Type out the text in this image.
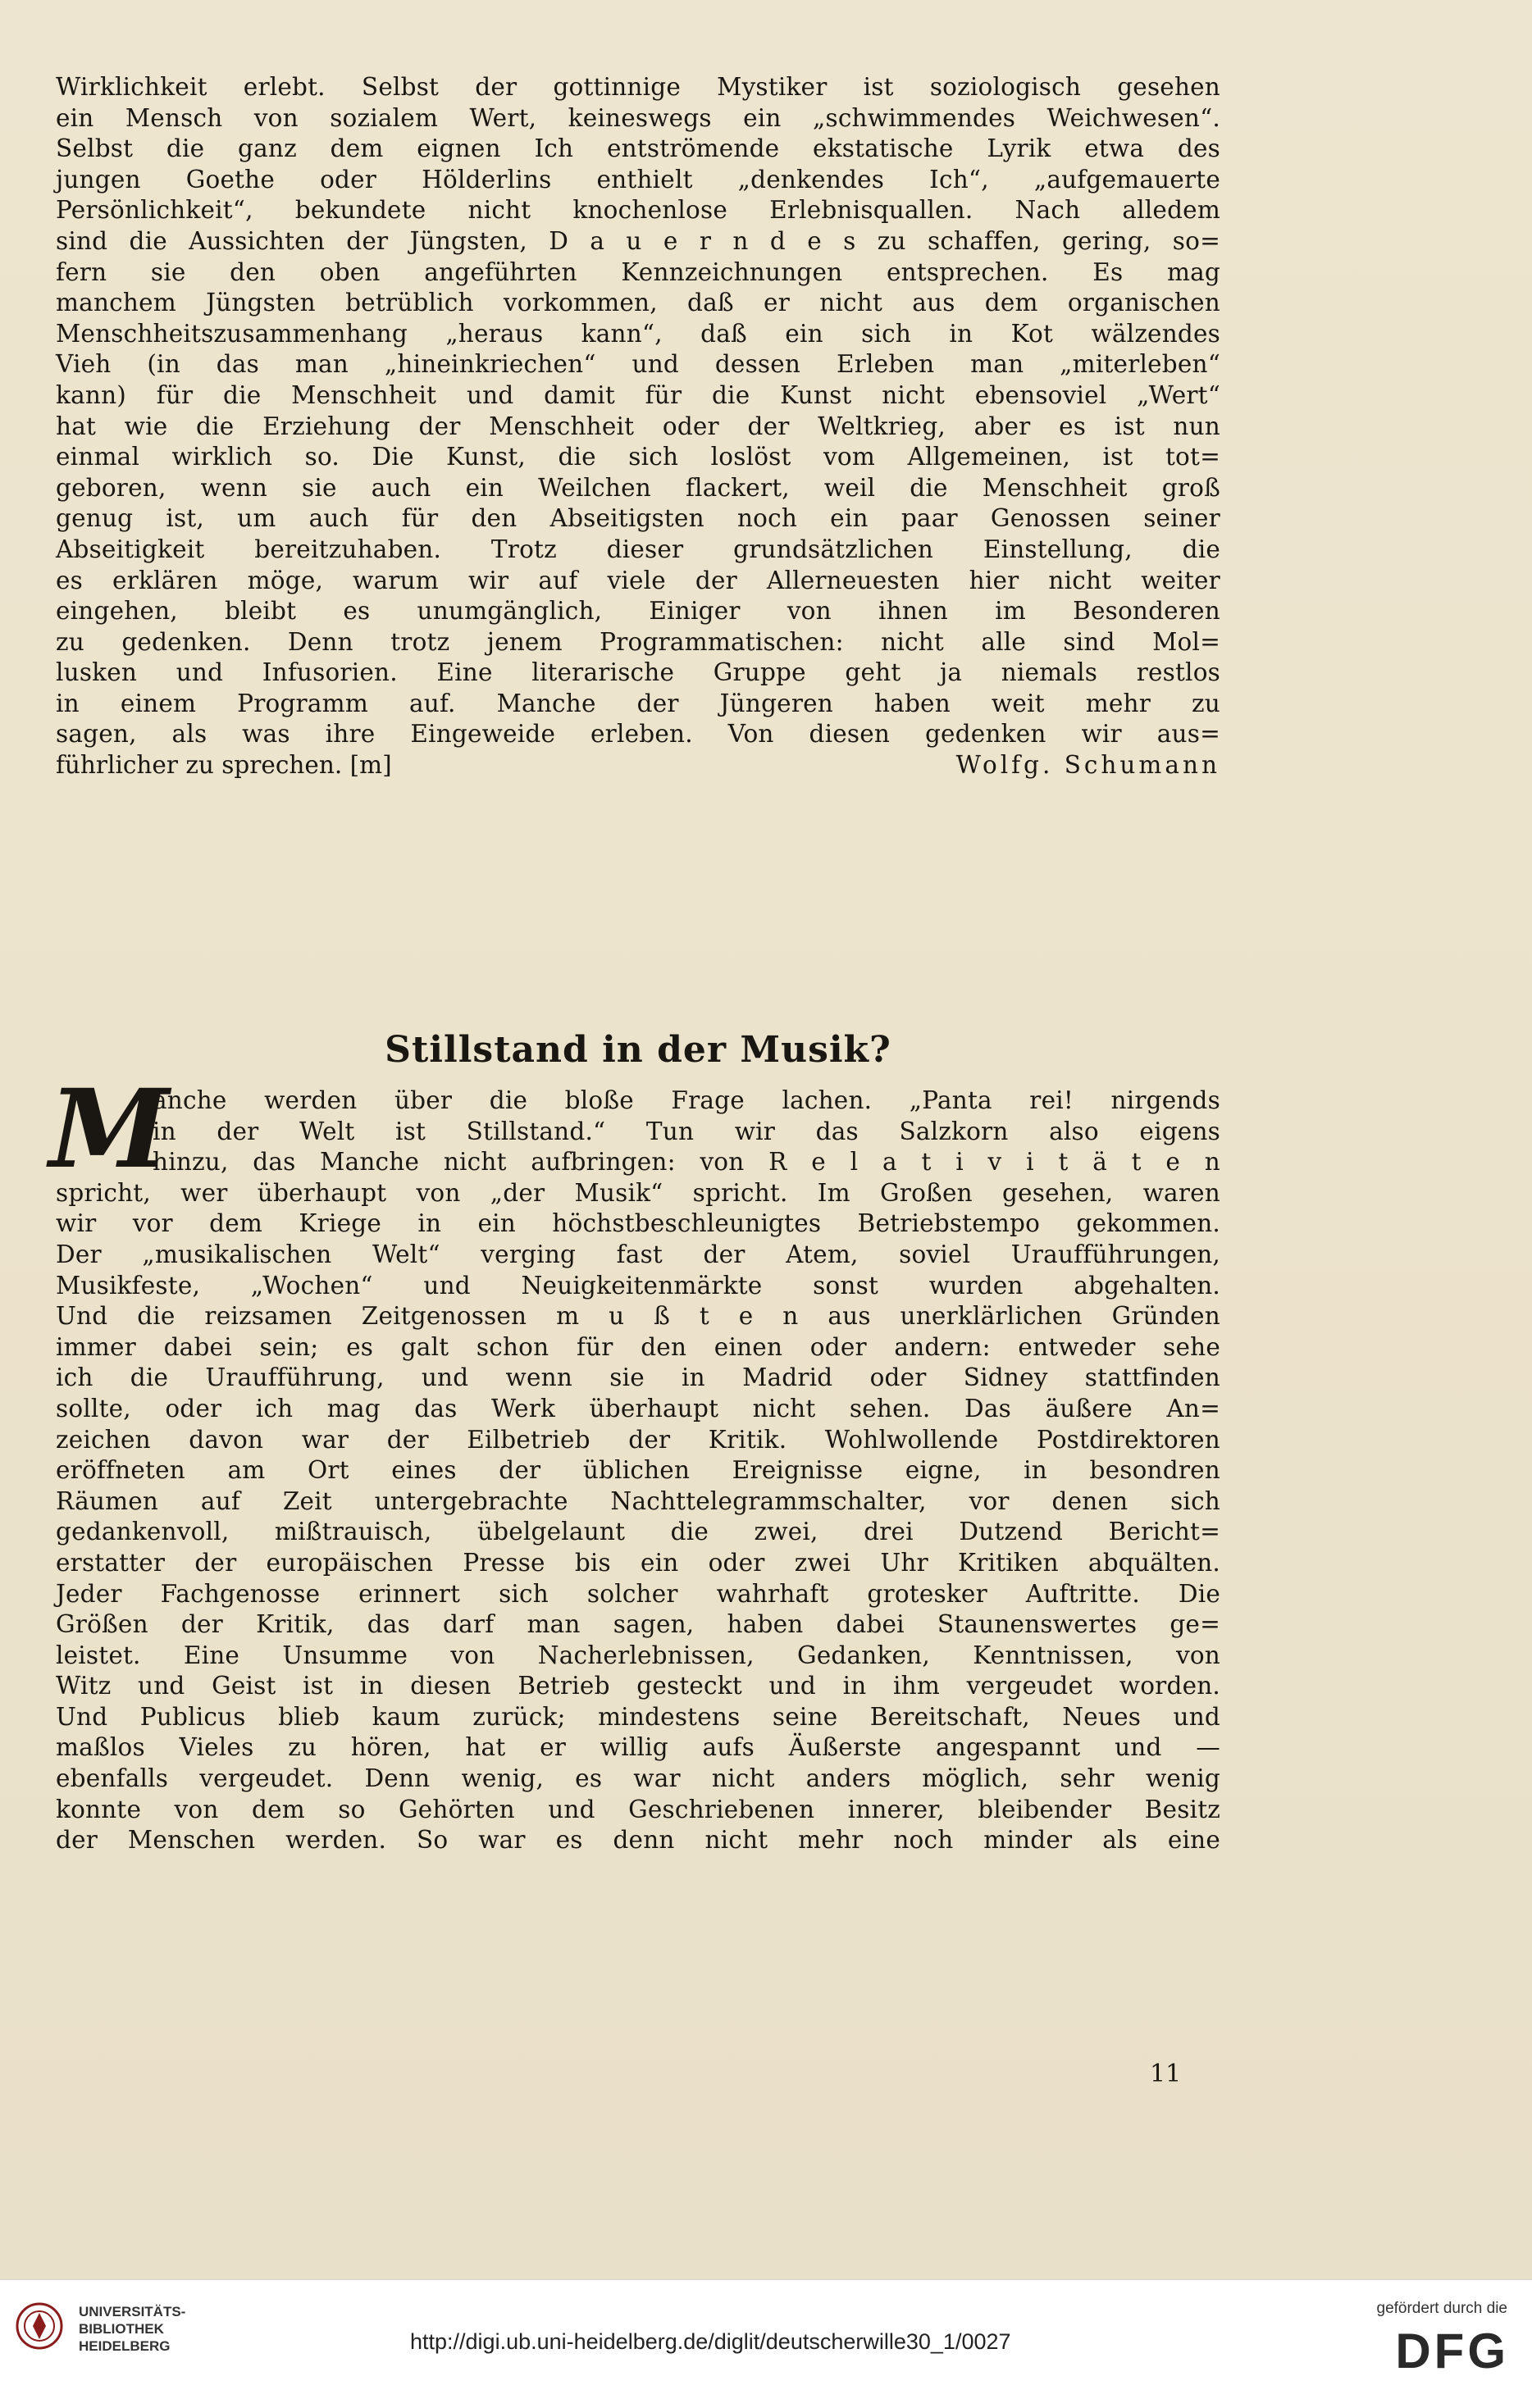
Wirklichkeit erlebt. Selbst der gottinnige Mystiker ist soziologisch gesehen
ein Mensch von sozialem Wert, keineswegs ein „schwimmendes Weichwesen“.
Selbst die ganz dem eignen Ich entströmende ekstatische Lyrik etwa des
jungen Goethe oder Hölderlins enthielt „denkendes Ich“, „aufgemauerte
Persönlichkeit“, bekundete nicht knochenlose Erlebnisquallen. Nach alledem
sind die Aussichten der Jüngsten, D a u e r n d e s zu schaffen, gering, so=
fern sie den oben angeführten Kennzeichnungen entsprechen. Es mag
manchem Jüngsten betrüblich vorkommen, daß er nicht aus dem organischen
Menschheitszusammenhang „heraus kann“, daß ein sich in Kot wälzendes
Vieh (in das man „hineinkriechen“ und dessen Erleben man „miterleben“
kann) für die Menschheit und damit für die Kunst nicht ebensoviel „Wert“
hat wie die Erziehung der Menschheit oder der Weltkrieg, aber es ist nun
einmal wirklich so. Die Kunst, die sich loslöst vom Allgemeinen, ist tot=
geboren, wenn sie auch ein Weilchen flackert, weil die Menschheit groß
genug ist, um auch für den Abseitigsten noch ein paar Genossen seiner
Abseitigkeit bereitzuhaben. Trotz dieser grundsätzlichen Einstellung, die
es erklären möge, warum wir auf viele der Allerneuesten hier nicht weiter
eingehen, bleibt es unumgänglich, Einiger von ihnen im Besonderen
zu gedenken. Denn trotz jenem Programmatischen: nicht alle sind Mol=
lusken und Infusorien. Eine literarische Gruppe geht ja niemals restlos
in einem Programm auf. Manche der Jüngeren haben weit mehr zu
sagen, als was ihre Eingeweide erleben. Von diesen gedenken wir aus=
führlicher zu sprechen. [m]	Wolfg. Schumann
Stillstand in der Musik?
M
anche werden über die bloße Frage lachen. „Panta rei! nirgends
in der Welt ist Stillstand.“ Tun wir das Salzkorn also eigens
hinzu, das Manche nicht aufbringen: von R e l a t i v i t ä t e n
spricht, wer überhaupt von „der Musik“ spricht. Im Großen gesehen, waren
wir vor dem Kriege in ein höchstbeschleunigtes Betriebstempo gekommen.
Der „musikalischen Welt“ verging fast der Atem, soviel Uraufführungen,
Musikfeste, „Wochen“ und Neuigkeitenmärkte sonst wurden abgehalten.
Und die reizsamen Zeitgenossen m u ß t e n aus unerklärlichen Gründen
immer dabei sein; es galt schon für den einen oder andern: entweder sehe
ich die Uraufführung, und wenn sie in Madrid oder Sidney stattfinden
sollte, oder ich mag das Werk überhaupt nicht sehen. Das äußere An=
zeichen davon war der Eilbetrieb der Kritik. Wohlwollende Postdirektoren
eröffneten am Ort eines der üblichen Ereignisse eigne, in besondren
Räumen auf Zeit untergebrachte Nachttelegrammschalter, vor denen sich
gedankenvoll, mißtrauisch, übelgelaunt die zwei, drei Dutzend Bericht=
erstatter der europäischen Presse bis ein oder zwei Uhr Kritiken abquälten.
Jeder Fachgenosse erinnert sich solcher wahrhaft grotesker Auftritte. Die
Größen der Kritik, das darf man sagen, haben dabei Staunenswertes ge=
leistet. Eine Unsumme von Nacherlebnissen, Gedanken, Kenntnissen, von
Witz und Geist ist in diesen Betrieb gesteckt und in ihm vergeudet worden.
Und Publicus blieb kaum zurück; mindestens seine Bereitschaft, Neues und
maßlos Vieles zu hören, hat er willig aufs Äußerste angespannt und —
ebenfalls vergeudet. Denn wenig, es war nicht anders möglich, sehr wenig
konnte von dem so Gehörten und Geschriebenen innerer, bleibender Besitz
der Menschen werden. So war es denn nicht mehr noch minder als eine
11
UNIVERSITÄTS-
BIBLIOTHEK
HEIDELBERG	http://digi.ub.uni-heidelberg.de/diglit/deutscherwille30_1/0027
gefördert durch die
DFG
